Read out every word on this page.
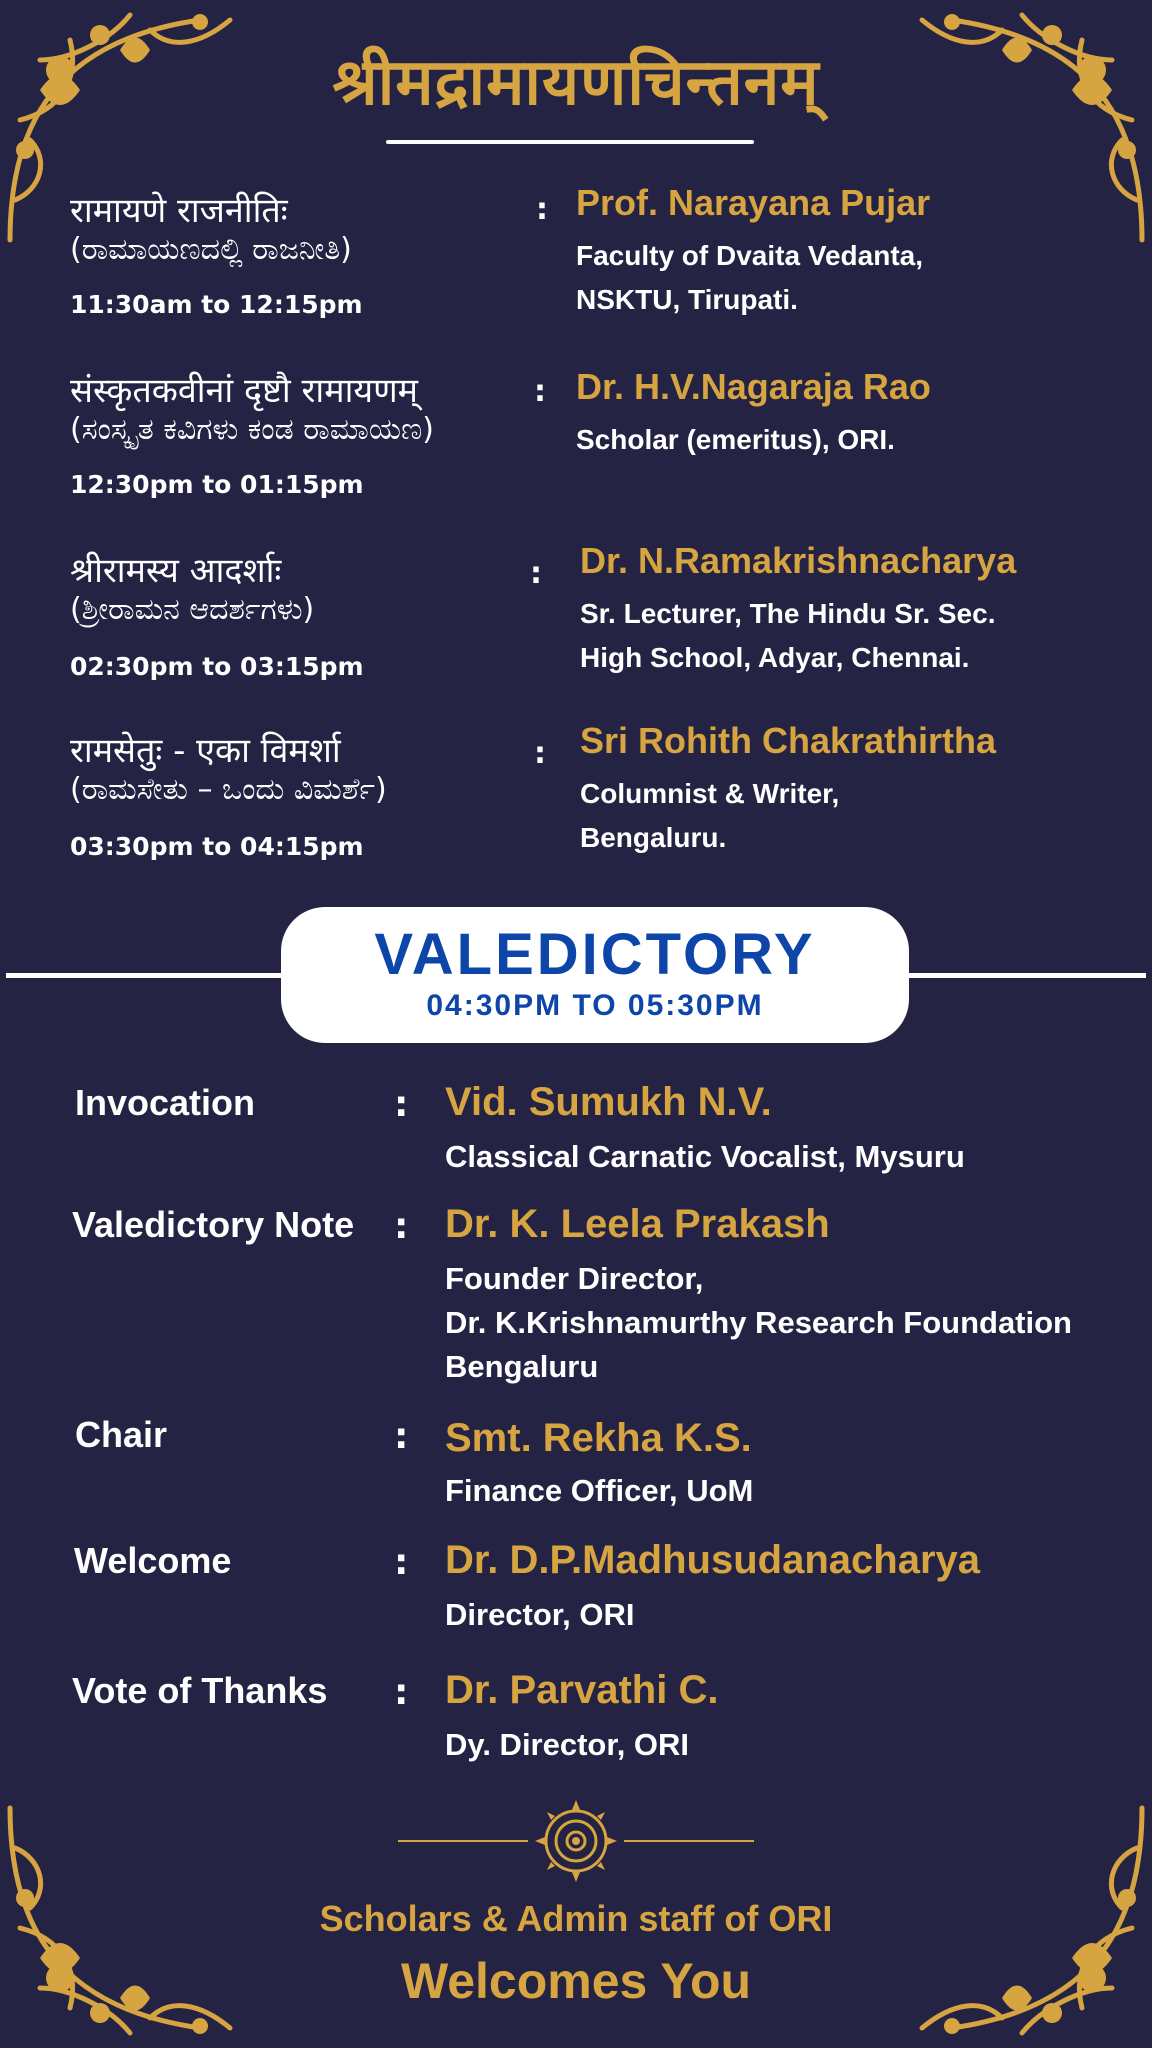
श्रीमद्रामायणचिन्तनम्
रामायणे राजनीतिः
(ರಾಮಾಯಣದಲ್ಲಿ ರಾಜನೀತಿ)
11:30am to 12:15pm
: Prof. Narayana Pujar
Faculty of Dvaita Vedanta,
NSKTU, Tirupati.
संस्कृतकवीनां दृष्टौ रामायणम्
(ಸಂಸ್ಕೃತ ಕವಿಗಳು ಕಂಡ ರಾಮಾಯಣ)
12:30pm to 01:15pm
: Dr. H.V.Nagaraja Rao
Scholar (emeritus), ORI.
श्रीरामस्य आदर्शाः
(ಶ್ರೀರಾಮನ ಆದರ್ಶಗಳು)
02:30pm to 03:15pm
: Dr. N.Ramakrishnacharya
Sr. Lecturer, The Hindu Sr. Sec.
High School, Adyar, Chennai.
रामसेतुः - एका विमर्शा
(ರಾಮಸೇತು – ಒಂದು ವಿಮರ್ಶೆ)
03:30pm to 04:15pm
: Sri Rohith Chakrathirtha
Columnist & Writer,
Bengaluru.
VALEDICTORY
04:30PM TO 05:30PM
Invocation	: Vid. Sumukh N.V.
Classical Carnatic Vocalist, Mysuru
Valedictory Note : Dr. K. Leela Prakash
Founder Director,
Dr. K.Krishnamurthy Research Foundation
Bengaluru
Chair	: Smt. Rekha K.S.
Finance Officer, UoM
Welcome	: Dr. D.P.Madhusudanacharya
Director, ORI
Vote of Thanks : Dr. Parvathi C.
Dy. Director, ORI
Scholars & Admin staff of ORI
Welcomes You
